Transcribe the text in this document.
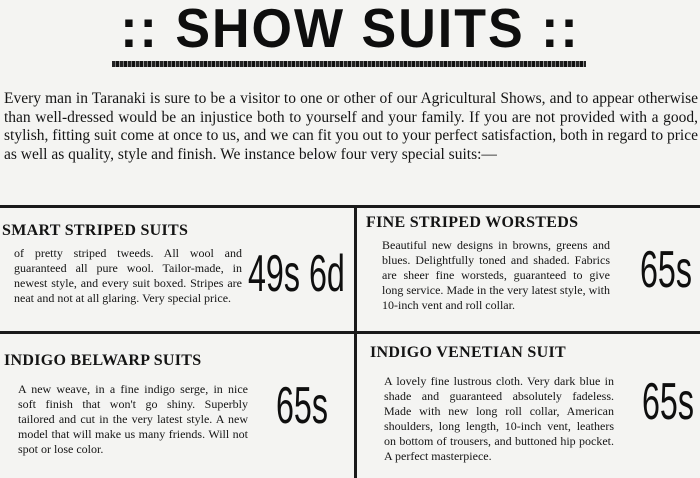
:: SHOW SUITS ::
Every man in Taranaki is sure to be a visitor to one or other of our Agricultural Shows, and to appear otherwise than well-dressed would be an injustice both to yourself and your family. If you are not provided with a good, stylish, fitting suit come at once to us, and we can fit you out to your perfect satisfaction, both in regard to price as well as quality, style and finish. We instance below four very special suits:—
SMART STRIPED SUITS
of pretty striped tweeds. All wool and guaranteed all pure wool. Tailor-made, in newest style, and every suit boxed. Stripes are neat and not at all glaring. Very special price. 49s 6d
FINE STRIPED WORSTEDS
Beautiful new designs in browns, greens and blues. Delightfully toned and shaded. Fabrics are sheer fine worsteds, guaranteed to give long service. Made in the very latest style, with 10-inch vent and roll collar.
65s
INDIGO BELWARP SUITS
A new weave, in a fine indigo serge, in nice soft finish that won't go shiny. Superbly tailored and cut in the very latest style. A new model that will make us many friends. Will not spot or lose color.
65s
INDIGO VENETIAN SUIT
A lovely fine lustrous cloth. Very dark blue in shade and guaranteed absolutely fadeless. Made with new long roll collar, American shoulders, long length, 10-inch vent, leathers on bottom of trousers, and buttoned hip pocket. A perfect masterpiece.
65s
